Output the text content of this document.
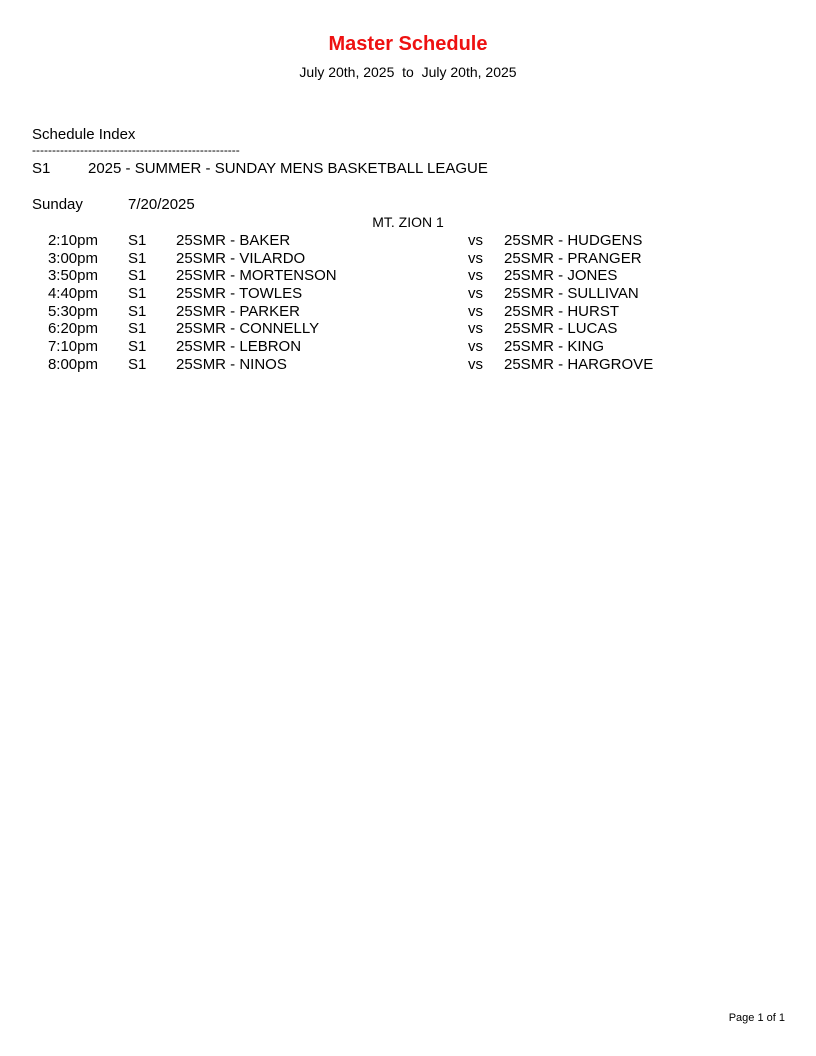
Master Schedule
July 20th, 2025  to  July 20th, 2025
Schedule Index
----------------------------------------------------
S1	2025 - SUMMER - SUNDAY MENS BASKETBALL LEAGUE
Sunday	7/20/2025
MT. ZION 1
2:10pm S1 25SMR - BAKER	vs 25SMR - HUDGENS
3:00pm S1 25SMR - VILARDO	vs 25SMR - PRANGER
3:50pm S1 25SMR - MORTENSON	vs 25SMR - JONES
4:40pm S1 25SMR - TOWLES	vs 25SMR - SULLIVAN
5:30pm S1 25SMR - PARKER	vs 25SMR - HURST
6:20pm S1 25SMR - CONNELLY	vs 25SMR - LUCAS
7:10pm S1 25SMR - LEBRON	vs 25SMR - KING
8:00pm S1 25SMR - NINOS	vs 25SMR - HARGROVE
Page 1 of 1
